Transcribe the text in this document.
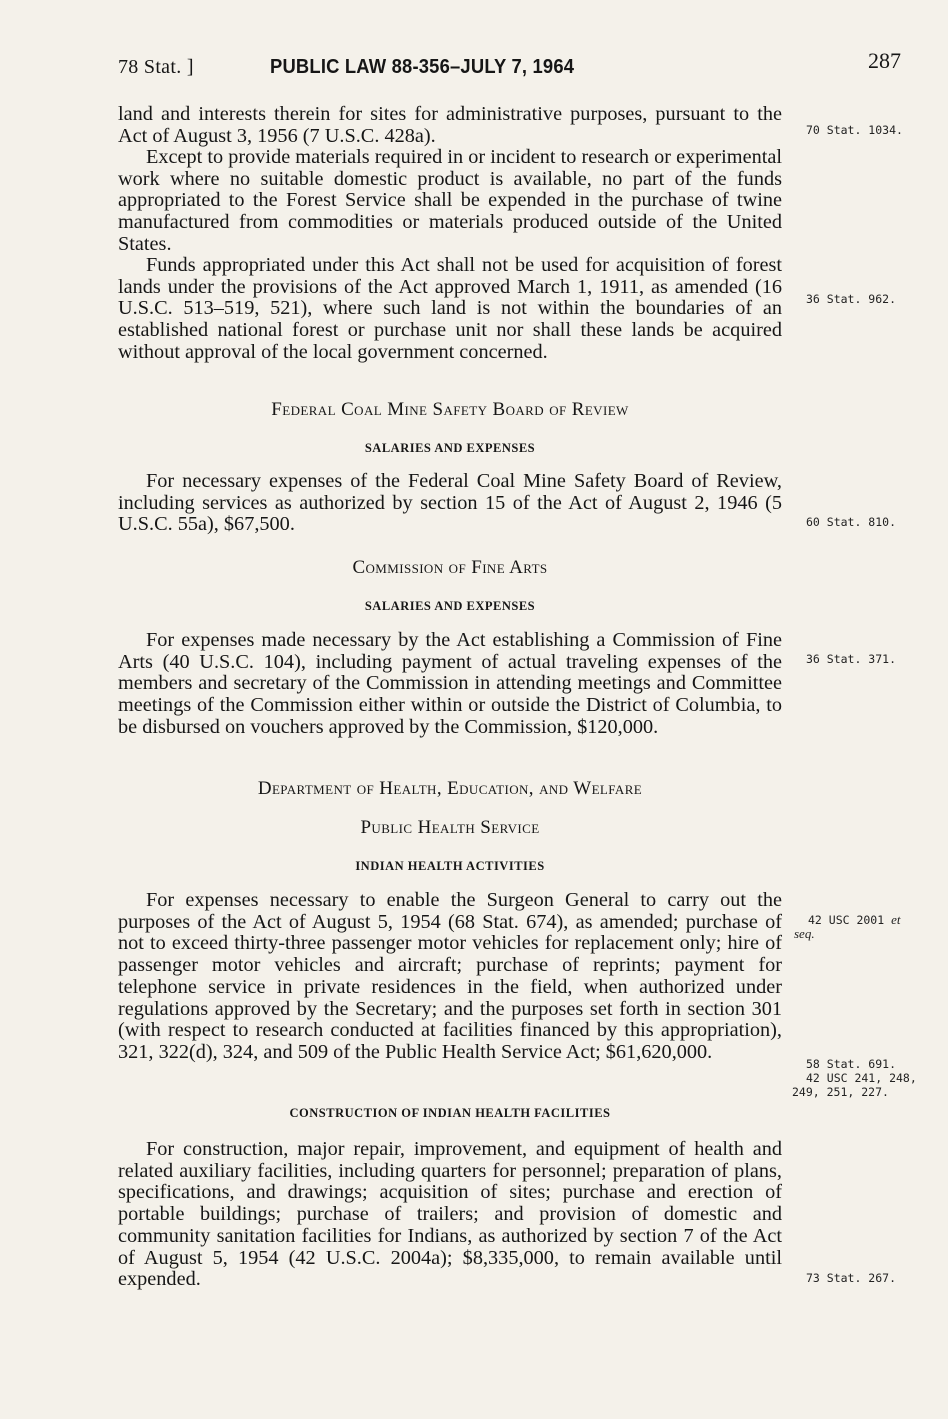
78 Stat. ]	PUBLIC LAW 88-356–JULY 7, 1964	287
land and interests therein for sites for administrative purposes, pursuant to the Act of August 3, 1956 (7 U.S.C. 428a).
Except to provide materials required in or incident to research or experimental work where no suitable domestic product is available, no part of the funds appropriated to the Forest Service shall be expended in the purchase of twine manufactured from commodities or materials produced outside of the United States.
Funds appropriated under this Act shall not be used for acquisition of forest lands under the provisions of the Act approved March 1, 1911, as amended (16 U.S.C. 513–519, 521), where such land is not within the boundaries of an established national forest or purchase unit nor shall these lands be acquired without approval of the local government concerned.
Federal Coal Mine Safety Board of Review
SALARIES AND EXPENSES
For necessary expenses of the Federal Coal Mine Safety Board of Review, including services as authorized by section 15 of the Act of August 2, 1946 (5 U.S.C. 55a), $67,500.
Commission of Fine Arts
SALARIES AND EXPENSES
For expenses made necessary by the Act establishing a Commission of Fine Arts (40 U.S.C. 104), including payment of actual traveling expenses of the members and secretary of the Commission in attending meetings and Committee meetings of the Commission either within or outside the District of Columbia, to be disbursed on vouchers approved by the Commission, $120,000.
Department of Health, Education, and Welfare
Public Health Service
INDIAN HEALTH ACTIVITIES
For expenses necessary to enable the Surgeon General to carry out the purposes of the Act of August 5, 1954 (68 Stat. 674), as amended; purchase of not to exceed thirty-three passenger motor vehicles for replacement only; hire of passenger motor vehicles and aircraft; purchase of reprints; payment for telephone service in private residences in the field, when authorized under regulations approved by the Secretary; and the purposes set forth in section 301 (with respect to research conducted at facilities financed by this appropriation), 321, 322(d), 324, and 509 of the Public Health Service Act; $61,620,000.
CONSTRUCTION OF INDIAN HEALTH FACILITIES
For construction, major repair, improvement, and equipment of health and related auxiliary facilities, including quarters for personnel; preparation of plans, specifications, and drawings; acquisition of sites; purchase and erection of portable buildings; purchase of trailers; and provision of domestic and community sanitation facilities for Indians, as authorized by section 7 of the Act of August 5, 1954 (42 U.S.C. 2004a); $8,335,000, to remain available until expended.
70 Stat. 1034.
36 Stat. 962.
60 Stat. 810.
36 Stat. 371.
42 USC 2001 et
seq.
58 Stat. 691.
42 USC 241, 248,
249, 251, 227.
73 Stat. 267.
